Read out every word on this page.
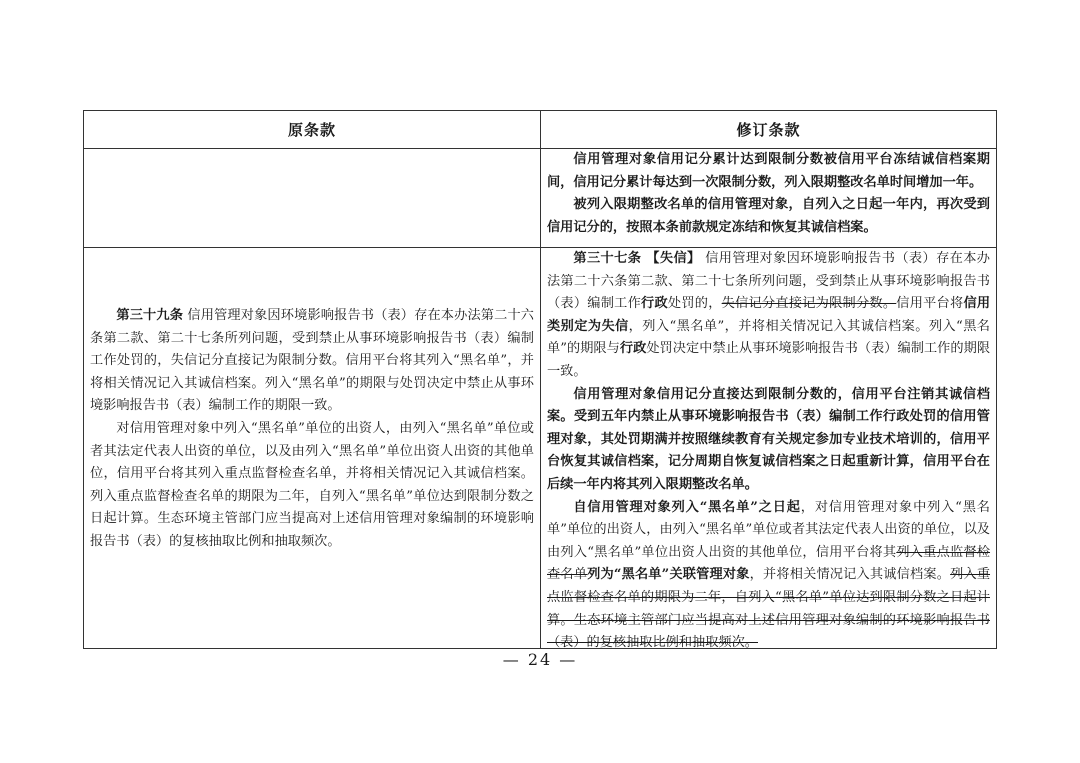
原条款	修订条款

信用管理对象信用记分累计达到限制分数被信用平台冻结诚信档案期间，信用记分累计每达到一次限制分数，列入限期整改名单时间增加一年。

被列入限期整改名单的信用管理对象，自列入之日起一年内，再次受到信用记分的，按照本条前款规定冻结和恢复其诚信档案。

第三十九条 信用管理对象因环境影响报告书（表）存在本办法第二十六条第二款、第二十七条所列问题，受到禁止从事环境影响报告书（表）编制工作处罚的，失信记分直接记为限制分数。信用平台将其列入“黑名单”，并将相关情况记入其诚信档案。列入“黑名单”的期限与处罚决定中禁止从事环境影响报告书（表）编制工作的期限一致。

对信用管理对象中列入“黑名单”单位的出资人，由列入“黑名单”单位或者其法定代表人出资的单位，以及由列入“黑名单”单位出资人出资的其他单位，信用平台将其列入重点监督检查名单，并将相关情况记入其诚信档案。列入重点监督检查名单的期限为二年，自列入“黑名单”单位达到限制分数之日起计算。生态环境主管部门应当提高对上述信用管理对象编制的环境影响报告书（表）的复核抽取比例和抽取频次。

第三十七条 【失信】 信用管理对象因环境影响报告书（表）存在本办法第二十六条第二款、第二十七条所列问题，受到禁止从事环境影响报告书（表）编制工作行政处罚的，失信记分直接记为限制分数。信用平台将信用类别定为失信，列入“黑名单”，并将相关情况记入其诚信档案。列入“黑名单”的期限与行政处罚决定中禁止从事环境影响报告书（表）编制工作的期限一致。

信用管理对象信用记分直接达到限制分数的，信用平台注销其诚信档案。受到五年内禁止从事环境影响报告书（表）编制工作行政处罚的信用管理对象，其处罚期满并按照继续教育有关规定参加专业技术培训的，信用平台恢复其诚信档案，记分周期自恢复诚信档案之日起重新计算，信用平台在后续一年内将其列入限期整改名单。

自信用管理对象列入“黑名单”之日起，对信用管理对象中列入“黑名单”单位的出资人，由列入“黑名单”单位或者其法定代表人出资的单位，以及由列入“黑名单”单位出资人出资的其他单位，信用平台将其列入重点监督检查名单列为“黑名单”关联管理对象，并将相关情况记入其诚信档案。列入重点监督检查名单的期限为二年，自列入“黑名单”单位达到限制分数之日起计算。生态环境主管部门应当提高对上述信用管理对象编制的环境影响报告书（表）的复核抽取比例和抽取频次。

— 24 —
